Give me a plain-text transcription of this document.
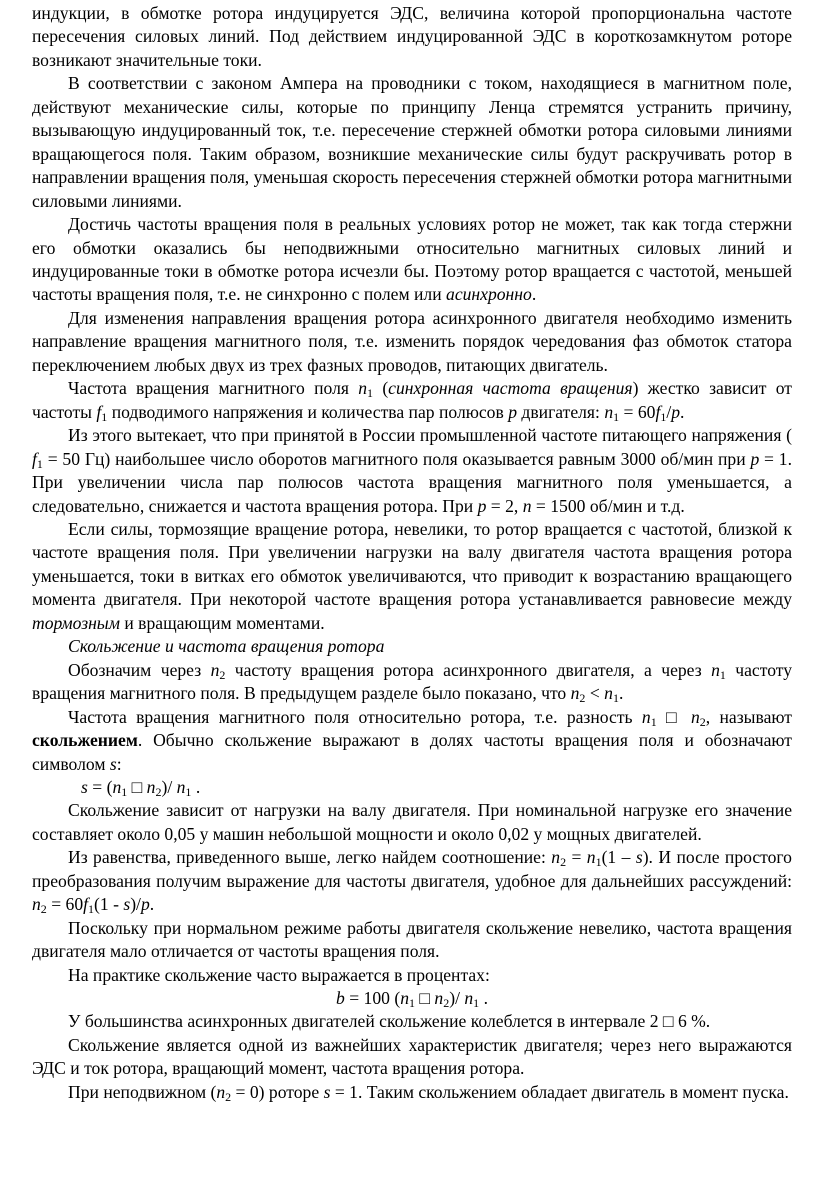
индукции, в обмотке ротора индуцируется ЭДС, величина которой пропорциональна частоте пересечения силовых линий. Под действием индуцированной ЭДС в короткозамкнутом роторе возникают значительные токи.

В соответствии с законом Ампера на проводники с током, находящиеся в магнитном поле, действуют механические силы, которые по принципу Ленца стремятся устранить причину, вызывающую индуцированный ток, т.е. пересечение стержней обмотки ротора силовыми линиями вращающегося поля. Таким образом, возникшие механические силы будут раскручивать ротор в направлении вращения поля, уменьшая скорость пересечения стержней обмотки ротора магнитными силовыми линиями.

Достичь частоты вращения поля в реальных условиях ротор не может, так как тогда стержни его обмотки оказались бы неподвижными относительно магнитных силовых линий и индуцированные токи в обмотке ротора исчезли бы. Поэтому ротор вращается с частотой, меньшей частоты вращения поля, т.е. не синхронно с полем или асинхронно.

Для изменения направления вращения ротора асинхронного двигателя необходимо изменить направление вращения магнитного поля, т.е. изменить порядок чередования фаз обмоток статора переключением любых двух из трех фазных проводов, питающих двигатель.

Частота вращения магнитного поля $n_1$ (синхронная частота вращения) жестко зависит от частоты $f_1$ подводимого напряжения и количества пар полюсов p двигателя: $n_1 = 60f_1/p$.

Из этого вытекает, что при принятой в России промышленной частоте питающего напряжения ( $f_1 = 50$ Гц) наибольшее число оборотов магнитного поля оказывается равным 3000 об/мин при p = 1. При увеличении числа пар полюсов частота вращения магнитного поля уменьшается, а следовательно, снижается и частота вращения ротора. При p = 2, n = 1500 об/мин и т.д.

Если силы, тормозящие вращение ротора, невелики, то ротор вращается с частотой, близкой к частоте вращения поля. При увеличении нагрузки на валу двигателя частота вращения ротора уменьшается, токи в витках его обмоток увеличиваются, что приводит к возрастанию вращающего момента двигателя. При некоторой частоте вращения ротора устанавливается равновесие между тормозным и вращающим моментами.

Скольжение и частота вращения ротора

Обозначим через $n_2$ частоту вращения ротора асинхронного двигателя, а через $n_1$ частоту вращения магнитного поля. В предыдущем разделе было показано, что $n_2 < n_1$.

Частота вращения магнитного поля относительно ротора, т.е. разность $n_1$ □ $n_2$, называют скольжением. Обычно скольжение выражают в долях частоты вращения поля и обозначают символом s:

$s = (n_1$ □ $n_2)/$ $n_1$ .

Скольжение зависит от нагрузки на валу двигателя. При номинальной нагрузке его значение составляет около 0,05 у машин небольшой мощности и около 0,02 у мощных двигателей.

Из равенства, приведенного выше, легко найдем соотношение: $n_2 = n_1(1 - s)$. И после простого преобразования получим выражение для частоты двигателя, удобное для дальнейших рассуждений: $n_2 = 60f_1(1 - s)/p$.

Поскольку при нормальном режиме работы двигателя скольжение невелико, частота вращения двигателя мало отличается от частоты вращения поля.

На практике скольжение часто выражается в процентах:

b = 100 ($n_1$ □ $n_2)/$ $n_1$ .

У большинства асинхронных двигателей скольжение колеблется в интервале 2 □ 6 %.

Скольжение является одной из важнейших характеристик двигателя; через него выражаются ЭДС и ток ротора, вращающий момент, частота вращения ротора.

При неподвижном $(n_2 = 0)$ роторе s = 1. Таким скольжением обладает двигатель в момент пуска.
